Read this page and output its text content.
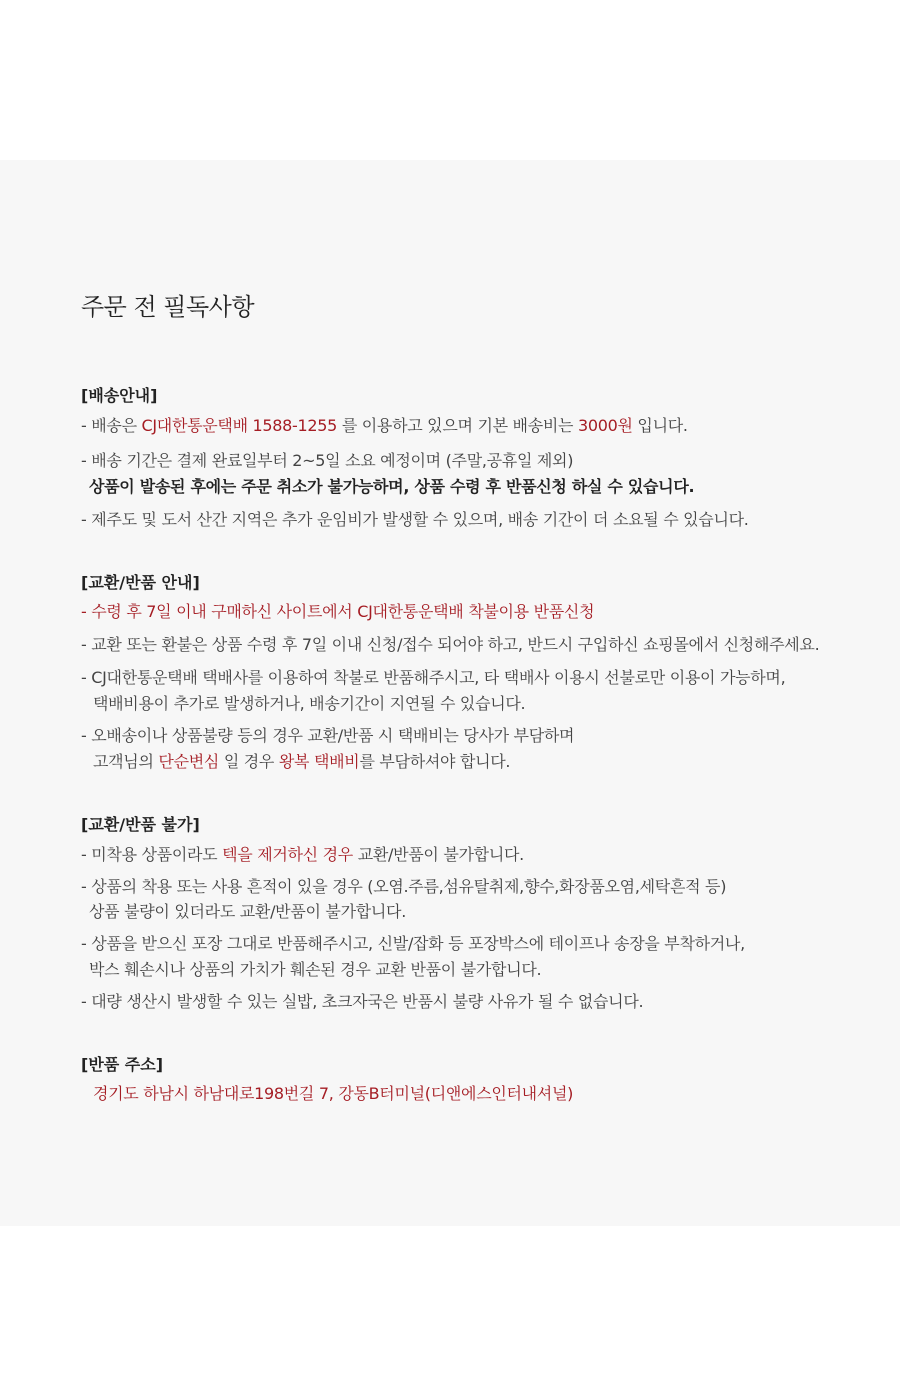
주문 전 필독사항

[배송안내]

- 배송은 CJ대한통운택배 1588-1255 를 이용하고 있으며 기본 배송비는 3000원 입니다.

- 배송 기간은 결제 완료일부터 2~5일 소요 예정이며 (주말,공휴일 제외)

상품이 발송된 후에는 주문 취소가 불가능하며, 상품 수령 후 반품신청 하실 수 있습니다.

- 제주도 및 도서 산간 지역은 추가 운임비가 발생할 수 있으며, 배송 기간이 더 소요될 수 있습니다.

[교환/반품 안내]

- 수령 후 7일 이내 구매하신 사이트에서 CJ대한통운택배 착불이용 반품신청

- 교환 또는 환불은 상품 수령 후 7일 이내 신청/접수 되어야 하고, 반드시 구입하신 쇼핑몰에서 신청해주세요.

- CJ대한통운택배 택배사를 이용하여 착불로 반품해주시고, 타 택배사 이용시 선불로만 이용이 가능하며,

택배비용이 추가로 발생하거나, 배송기간이 지연될 수 있습니다.

- 오배송이나 상품불량 등의 경우 교환/반품 시 택배비는 당사가 부담하며

고객님의 단순변심 일 경우 왕복 택배비를 부담하셔야 합니다.

[교환/반품 불가]

- 미착용 상품이라도 텍을 제거하신 경우 교환/반품이 불가합니다.

- 상품의 착용 또는 사용 흔적이 있을 경우 (오염.주름,섬유탈취제,향수,화장품오염,세탁흔적 등)

상품 불량이 있더라도 교환/반품이 불가합니다.

- 상품을 받으신 포장 그대로 반품해주시고, 신발/잡화 등 포장박스에 테이프나 송장을 부착하거나,

박스 훼손시나 상품의 가치가 훼손된 경우 교환 반품이 불가합니다.

- 대량 생산시 발생할 수 있는 실밥, 초크자국은 반품시 불량 사유가 될 수 없습니다.

[반품 주소]

경기도 하남시 하남대로198번길 7, 강동B터미널(디앤에스인터내셔널)
